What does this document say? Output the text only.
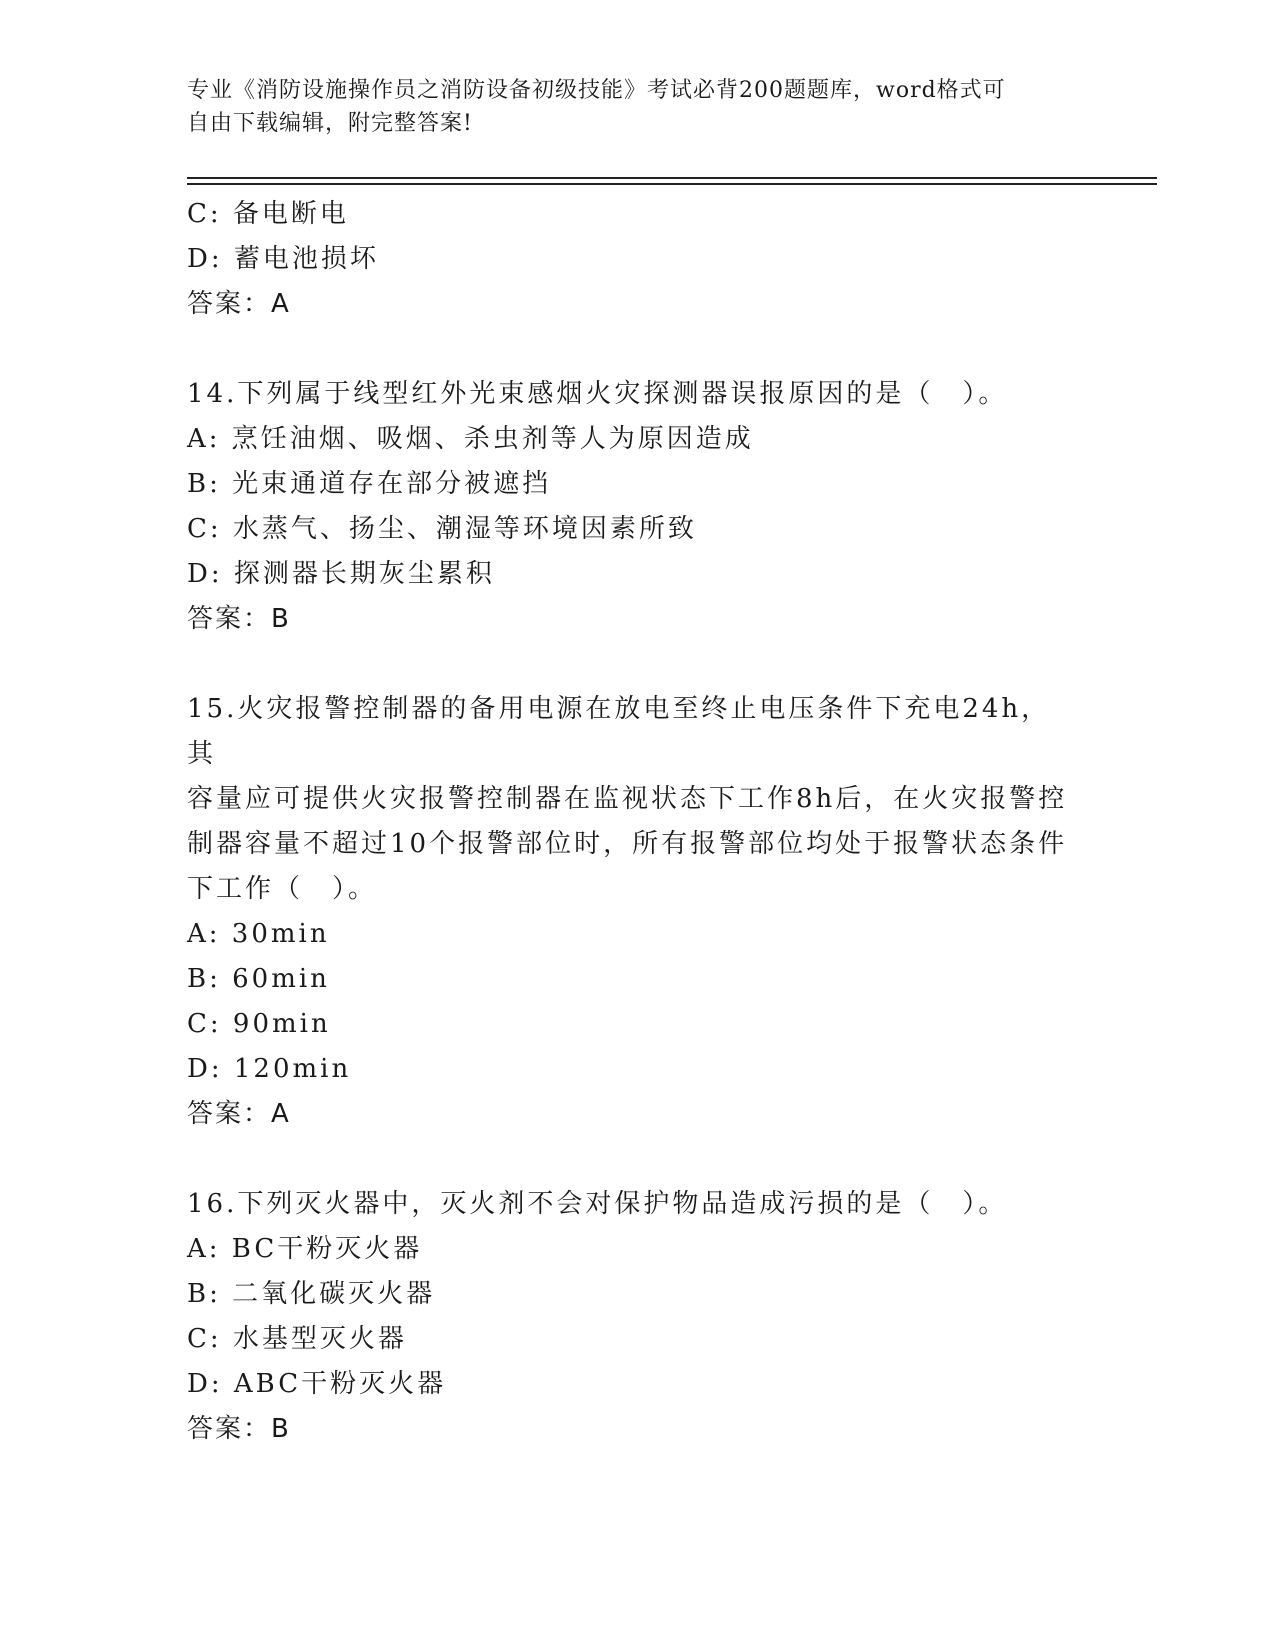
专业《消防设施操作员之消防设备初级技能》考试必背200题题库，word格式可
自由下载编辑，附完整答案!
C: 备电断电
D: 蓄电池损坏
答案：A
14.下列属于线型红外光束感烟火灾探测器误报原因的是（　）。
A: 烹饪油烟、吸烟、杀虫剂等人为原因造成
B: 光束通道存在部分被遮挡
C: 水蒸气、扬尘、潮湿等环境因素所致
D: 探测器长期灰尘累积
答案：B
15.火灾报警控制器的备用电源在放电至终止电压条件下充电24h，其
容量应可提供火灾报警控制器在监视状态下工作8h后，在火灾报警控
制器容量不超过10个报警部位时，所有报警部位均处于报警状态条件
下工作（　）。
A: 30min
B: 60min
C: 90min
D: 120min
答案：A
16.下列灭火器中，灭火剂不会对保护物品造成污损的是（　）。
A: BC干粉灭火器
B: 二氧化碳灭火器
C: 水基型灭火器
D: ABC干粉灭火器
答案：B
